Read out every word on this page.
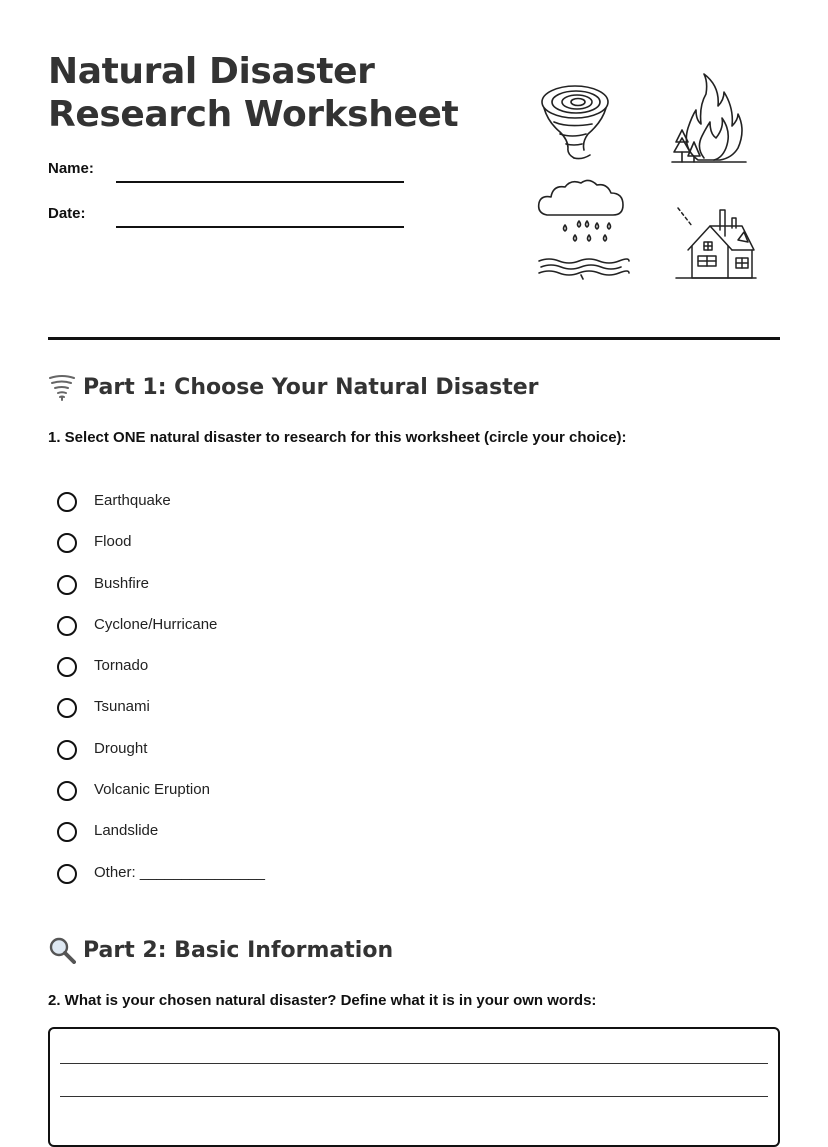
Natural Disaster
Research Worksheet
Name:
Date:
Part 1: Choose Your Natural Disaster
1. Select ONE natural disaster to research for this worksheet (circle your choice):
Earthquake
Flood
Bushfire
Cyclone/Hurricane
Tornado
Tsunami
Drought
Volcanic Eruption
Landslide
Other: _______________
Part 2: Basic Information
2. What is your chosen natural disaster? Define what it is in your own words:
